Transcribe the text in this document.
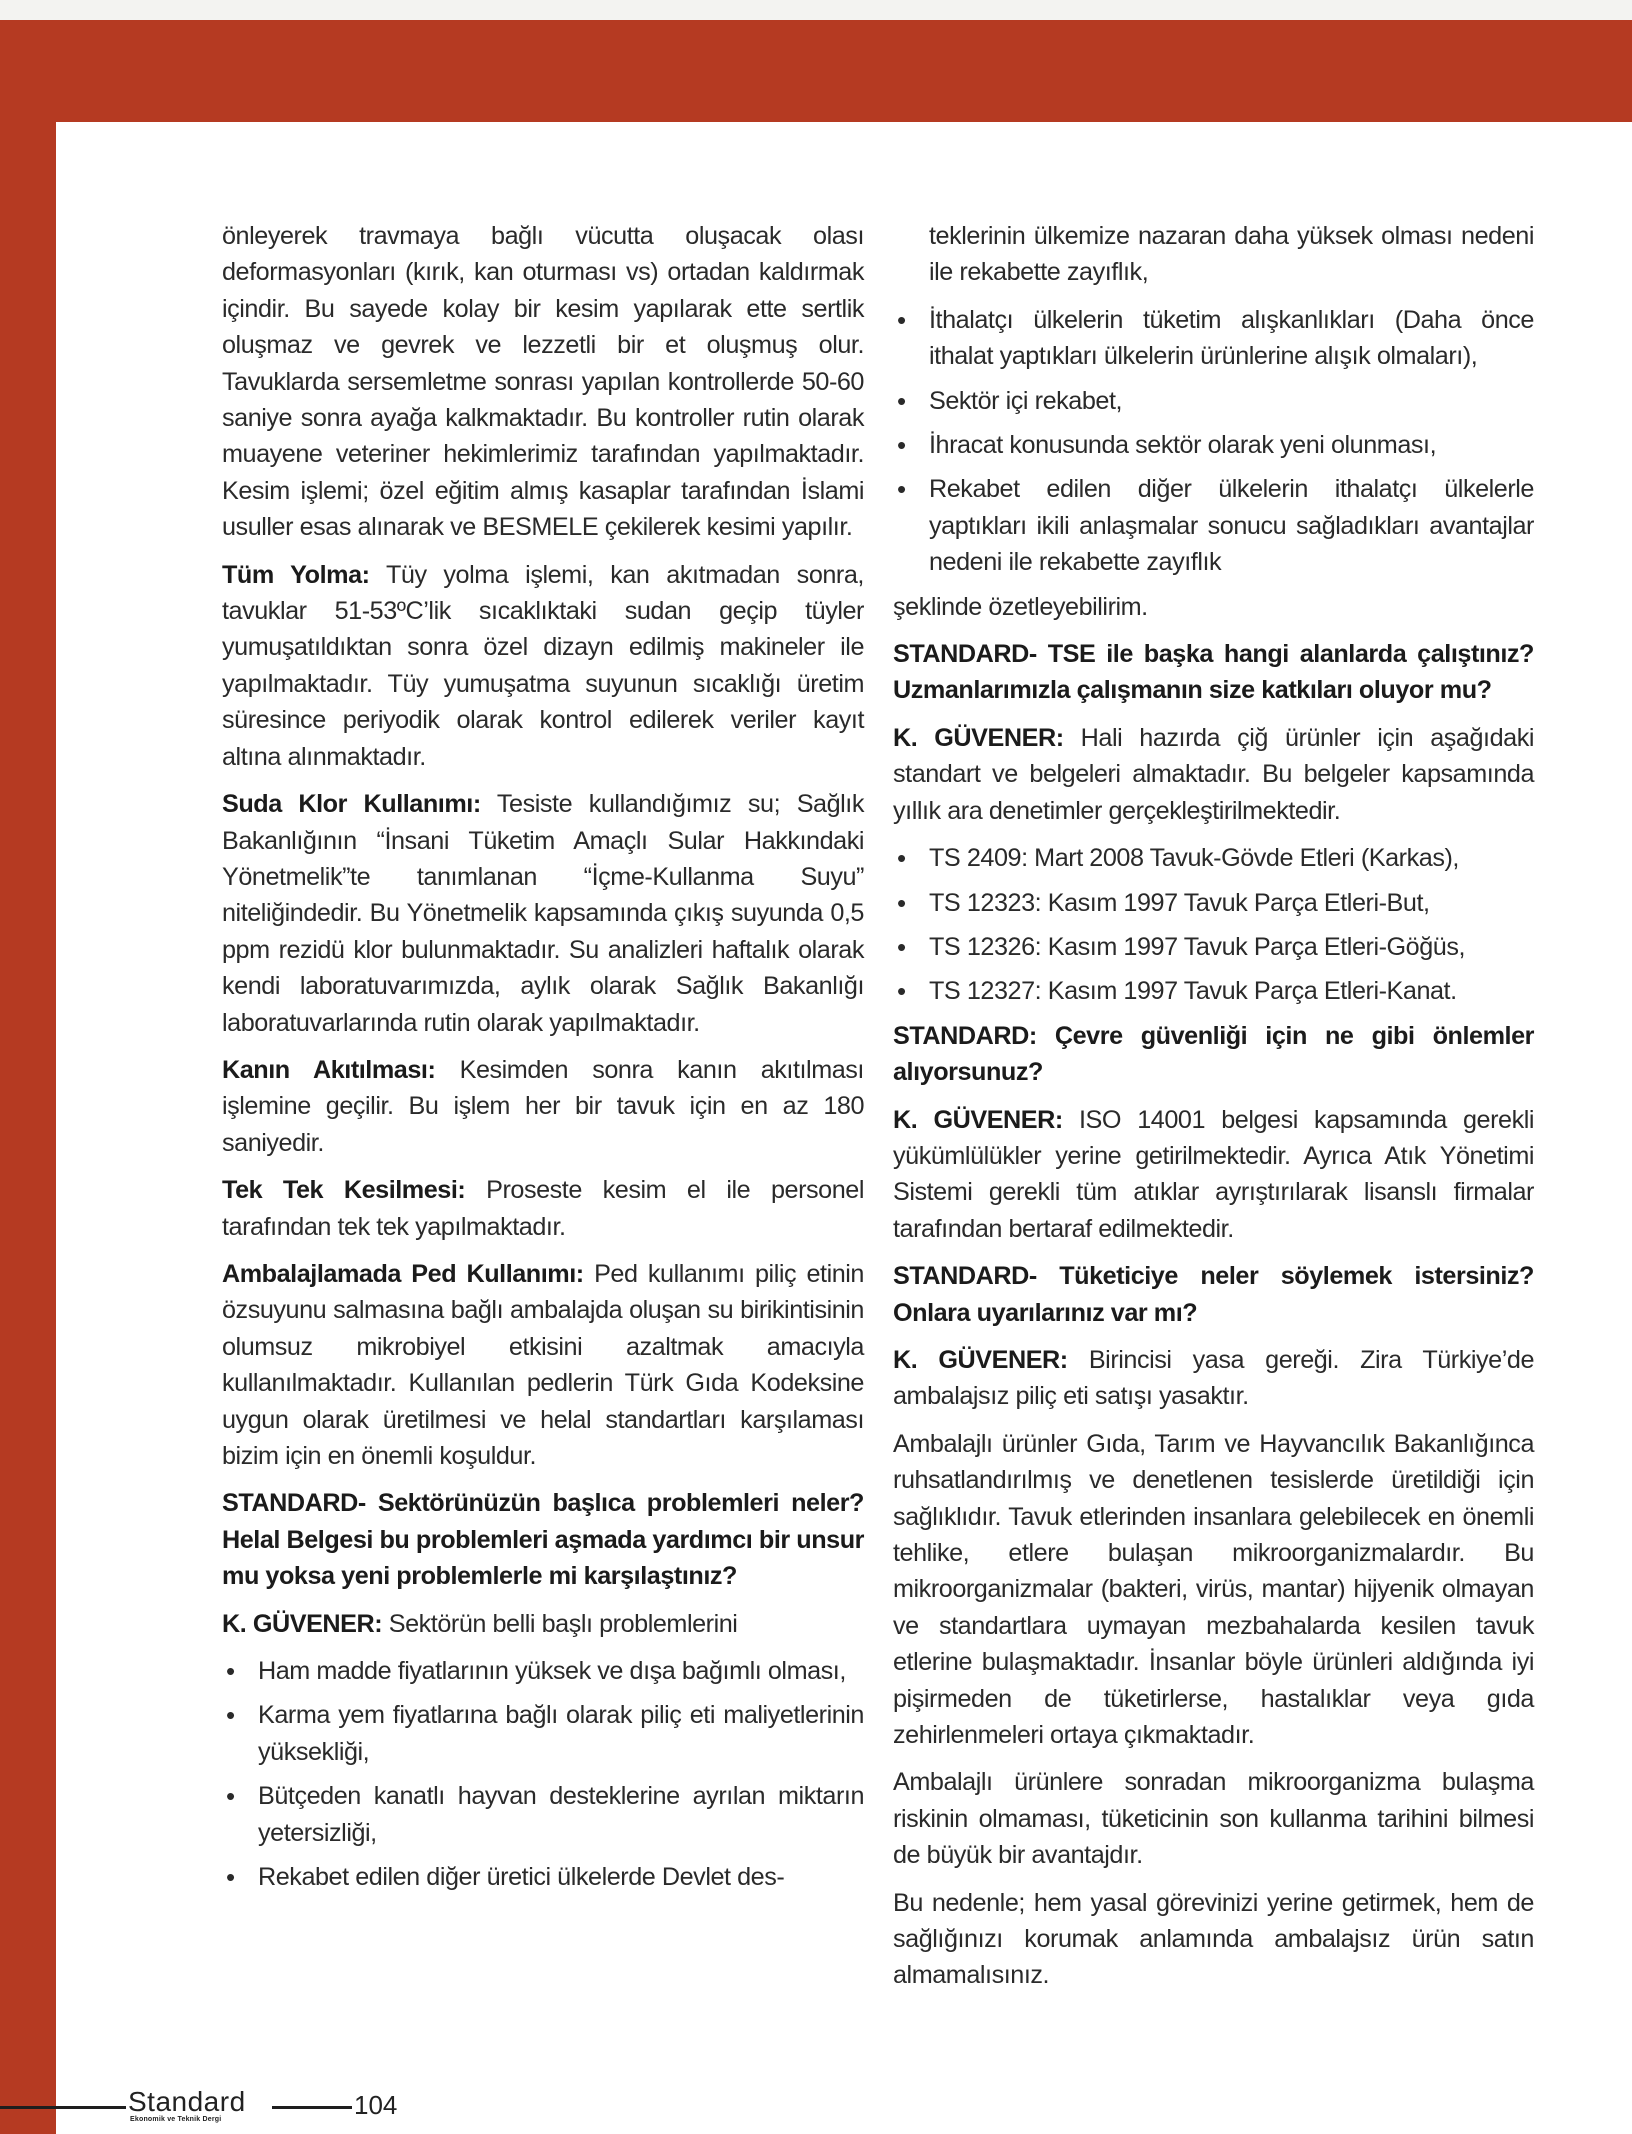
önleyerek travmaya bağlı vücutta oluşacak olası deformasyonları (kırık, kan oturması vs) ortadan kaldırmak içindir. Bu sayede kolay bir kesim yapılarak ette sertlik oluşmaz ve gevrek ve lezzetli bir et oluşmuş olur. Tavuklarda sersemletme sonrası yapılan kontrollerde 50-60 saniye sonra ayağa kalkmaktadır. Bu kontroller rutin olarak muayene veteriner hekimlerimiz tarafından yapılmaktadır. Kesim işlemi; özel eğitim almış kasaplar tarafından İslami usuller esas alınarak ve BESMELE çekilerek kesimi yapılır.

Tüm Yolma: Tüy yolma işlemi, kan akıtmadan sonra, tavuklar 51-53ºC’lik sıcaklıktaki sudan geçip tüyler yumuşatıldıktan sonra özel dizayn edilmiş makineler ile yapılmaktadır. Tüy yumuşatma suyunun sıcaklığı üretim süresince periyodik olarak kontrol edilerek veriler kayıt altına alınmaktadır.

Suda Klor Kullanımı: Tesiste kullandığımız su; Sağlık Bakanlığının “İnsani Tüketim Amaçlı Sular Hakkındaki Yönetmelik”te tanımlanan “İçme-Kullanma Suyu” niteliğindedir. Bu Yönetmelik kapsamında çıkış suyunda 0,5 ppm rezidü klor bulunmaktadır. Su analizleri haftalık olarak kendi laboratuvarımızda, aylık olarak Sağlık Bakanlığı laboratuvarlarında rutin olarak yapılmaktadır.

Kanın Akıtılması: Kesimden sonra kanın akıtılması işlemine geçilir. Bu işlem her bir tavuk için en az 180 saniyedir.

Tek Tek Kesilmesi: Proseste kesim el ile personel tarafından tek tek yapılmaktadır.

Ambalajlamada Ped Kullanımı: Ped kullanımı piliç etinin özsuyunu salmasına bağlı ambalajda oluşan su birikintisinin olumsuz mikrobiyel etkisini azaltmak amacıyla kullanılmaktadır. Kullanılan pedlerin Türk Gıda Kodeksine uygun olarak üretilmesi ve helal standartları karşılaması bizim için en önemli koşuldur.

STANDARD- Sektörünüzün başlıca problemleri neler? Helal Belgesi bu problemleri aşmada yardımcı bir unsur mu yoksa yeni problemlerle mi karşılaştınız?

K. GÜVENER: Sektörün belli başlı problemlerini

• Ham madde fiyatlarının yüksek ve dışa bağımlı olması,
• Karma yem fiyatlarına bağlı olarak piliç eti maliyetlerinin yüksekliği,
• Bütçeden kanatlı hayvan desteklerine ayrılan miktarın yetersizliği,
• Rekabet edilen diğer üretici ülkelerde Devlet des-

teklerinin ülkemize nazaran daha yüksek olması nedeni ile rekabette zayıflık,

• İthalatçı ülkelerin tüketim alışkanlıkları (Daha önce ithalat yaptıkları ülkelerin ürünlerine alışık olmaları),
• Sektör içi rekabet,
• İhracat konusunda sektör olarak yeni olunması,
• Rekabet edilen diğer ülkelerin ithalatçı ülkelerle yaptıkları ikili anlaşmalar sonucu sağladıkları avantajlar nedeni ile rekabette zayıflık

şeklinde özetleyebilirim.

STANDARD- TSE ile başka hangi alanlarda çalıştınız? Uzmanlarımızla çalışmanın size katkıları oluyor mu?

K. GÜVENER: Hali hazırda çiğ ürünler için aşağıdaki standart ve belgeleri almaktadır. Bu belgeler kapsamında yıllık ara denetimler gerçekleştirilmektedir.

• TS 2409: Mart 2008 Tavuk-Gövde Etleri (Karkas),
• TS 12323: Kasım 1997 Tavuk Parça Etleri-But,
• TS 12326: Kasım 1997 Tavuk Parça Etleri-Göğüs,
• TS 12327: Kasım 1997 Tavuk Parça Etleri-Kanat.

STANDARD: Çevre güvenliği için ne gibi önlemler alıyorsunuz?

K. GÜVENER: ISO 14001 belgesi kapsamında gerekli yükümlülükler yerine getirilmektedir. Ayrıca Atık Yönetimi Sistemi gerekli tüm atıklar ayrıştırılarak lisanslı firmalar tarafından bertaraf edilmektedir.

STANDARD- Tüketiciye neler söylemek istersiniz? Onlara uyarılarınız var mı?

K. GÜVENER: Birincisi yasa gereği. Zira Türkiye’de ambalajsız piliç eti satışı yasaktır.

Ambalajlı ürünler Gıda, Tarım ve Hayvancılık Bakanlığınca ruhsatlandırılmış ve denetlenen tesislerde üretildiği için sağlıklıdır. Tavuk etlerinden insanlara gelebilecek en önemli tehlike, etlere bulaşan mikroorganizmalardır. Bu mikroorganizmalar (bakteri, virüs, mantar) hijyenik olmayan ve standartlara uymayan mezbahalarda kesilen tavuk etlerine bulaşmaktadır. İnsanlar böyle ürünleri aldığında iyi pişirmeden de tüketirlerse, hastalıklar veya gıda zehirlenmeleri ortaya çıkmaktadır.

Ambalajlı ürünlere sonradan mikroorganizma bulaşma riskinin olmaması, tüketicinin son kullanma tarihini bilmesi de büyük bir avantajdır.

Bu nedenle; hem yasal görevinizi yerine getirmek, hem de sağlığınızı korumak anlamında ambalajsız ürün satın almamalısınız.

Standard
Ekonomik ve Teknik Dergi	104
